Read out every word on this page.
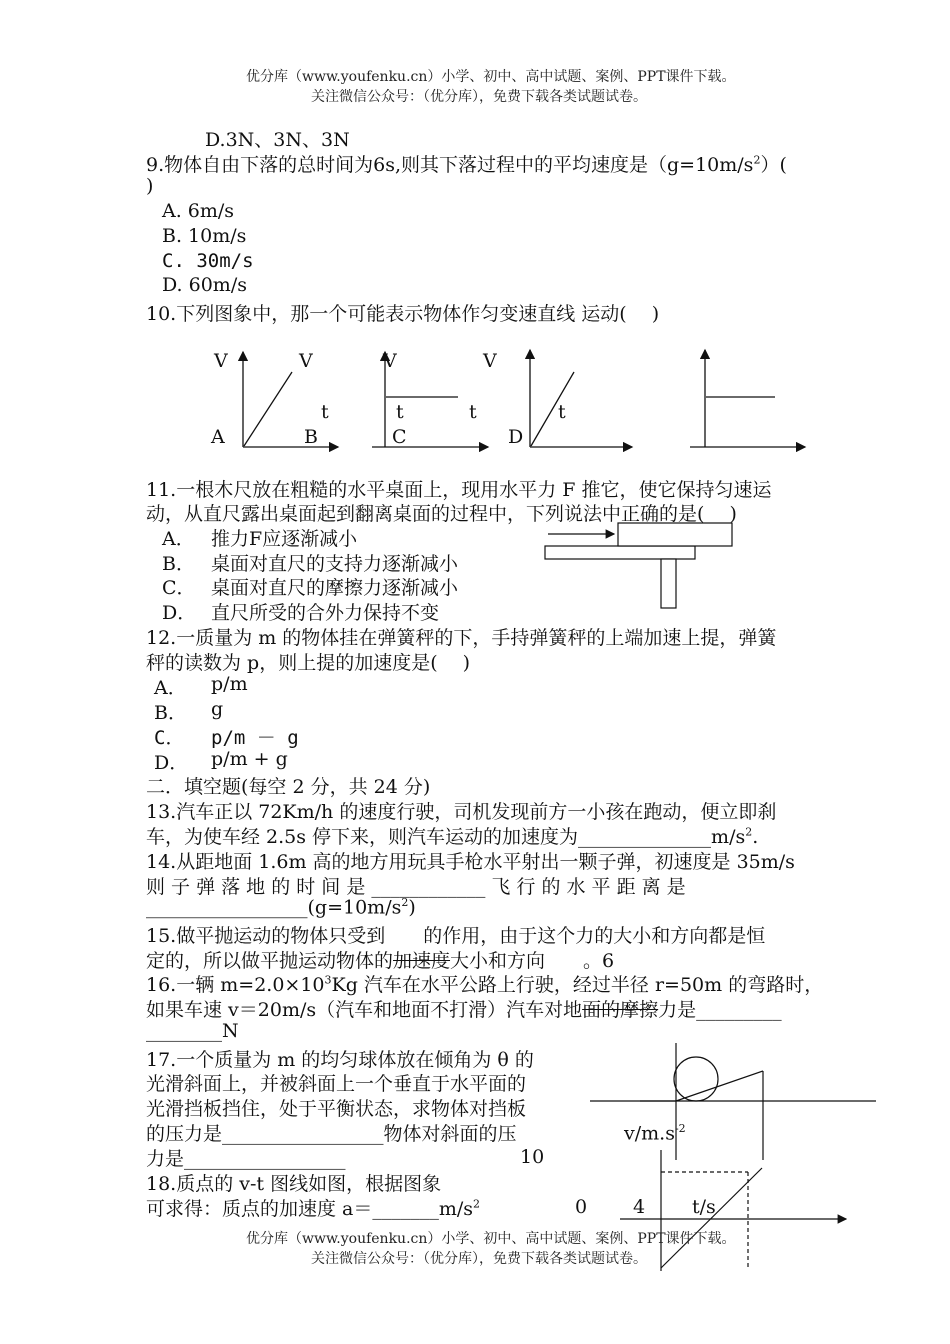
优分库（www.youfenku.cn）小学、初中、高中试题、案例、PPT课件下载。
关注微信公众号：（优分库），免费下载各类试题试卷。
D.3N、3N、3N
9.物体自由下落的总时间为6s,则其下落过程中的平均速度是$(g=10m/s^2)$(
)
A. 6m/s
B. 10m/s
C. 30m/s
D. 60m/s
10.下列图象中，那一个可能表示物体作匀变速直线 运动(　 )
V	V	V	V
t	t	t	t
A	B	C	D
11.一根木尺放在粗糙的水平桌面上，现用水平力 F 推它，使它保持匀速运
动，从直尺露出桌面起到翻离桌面的过程中，下列说法中正确的是(　 )
A． 推力F应逐渐减小
B． 桌面对直尺的支持力逐渐减小
C． 桌面对直尺的摩擦力逐渐减小
D． 直尺所受的合外力保持不变
12.一质量为 m 的物体挂在弹簧秤的下，手持弹簧秤的上端加速上提，弹簧
秤的读数为 p，则上提的加速度是(　 )
A． p/m
B． g
C． p/m － g
D． p/m + g
二．填空题(每空 2 分，共 24 分)
13.汽车正以 72Km/h 的速度行驶，司机发现前方一小孩在跑动，便立即刹
车，为使车经 2.5s 停下来，则汽车运动的加速度为$\_\_\_\_\_\_\_\_\_\_\_\_\_\_m/s^2$.
14.从距地面 1.6m 高的地方用玩具手枪水平射出一颗子弹，初速度是 35m/s
则 子 弹 落 地 的 时 间 是 ____________ 飞 行 的 水 平 距 离 是
$\_\_\_\_\_\_\_\_\_\_\_\_\_\_\_\_\_(g=10m/s^2)$
15.做平抛运动的物体只受到　　的作用，由于这个力的大小和方向都是恒
定的，所以做平抛运动物体的加速度大小和方向　　。6
16.一辆 $m=2.0\times 10^3Kg$ 汽车在水平公路上行驶，经过半径 r=50m 的弯路时，
如果车速 v＝20m/s（汽车和地面不打滑）汽车对地面的摩擦力是_________
________N
17.一个质量为 m 的均匀球体放在倾角为 θ 的
光滑斜面上，并被斜面上一个垂直于水平面的
光滑挡板挡住，处于平衡状态，求物体对挡板
的压力是_________________物体对斜面的压
力是_________________
18.质点的 v-t 图线如图，根据图象
可求得：质点的加速度 $a=\_\_\_\_\_\_\_m/s^2$
$v/m.s^{-2}$
10
0 4 t/s
优分库（www.youfenku.cn）小学、初中、高中试题、案例、PPT课件下载。
关注微信公众号：（优分库），免费下载各类试题试卷。
